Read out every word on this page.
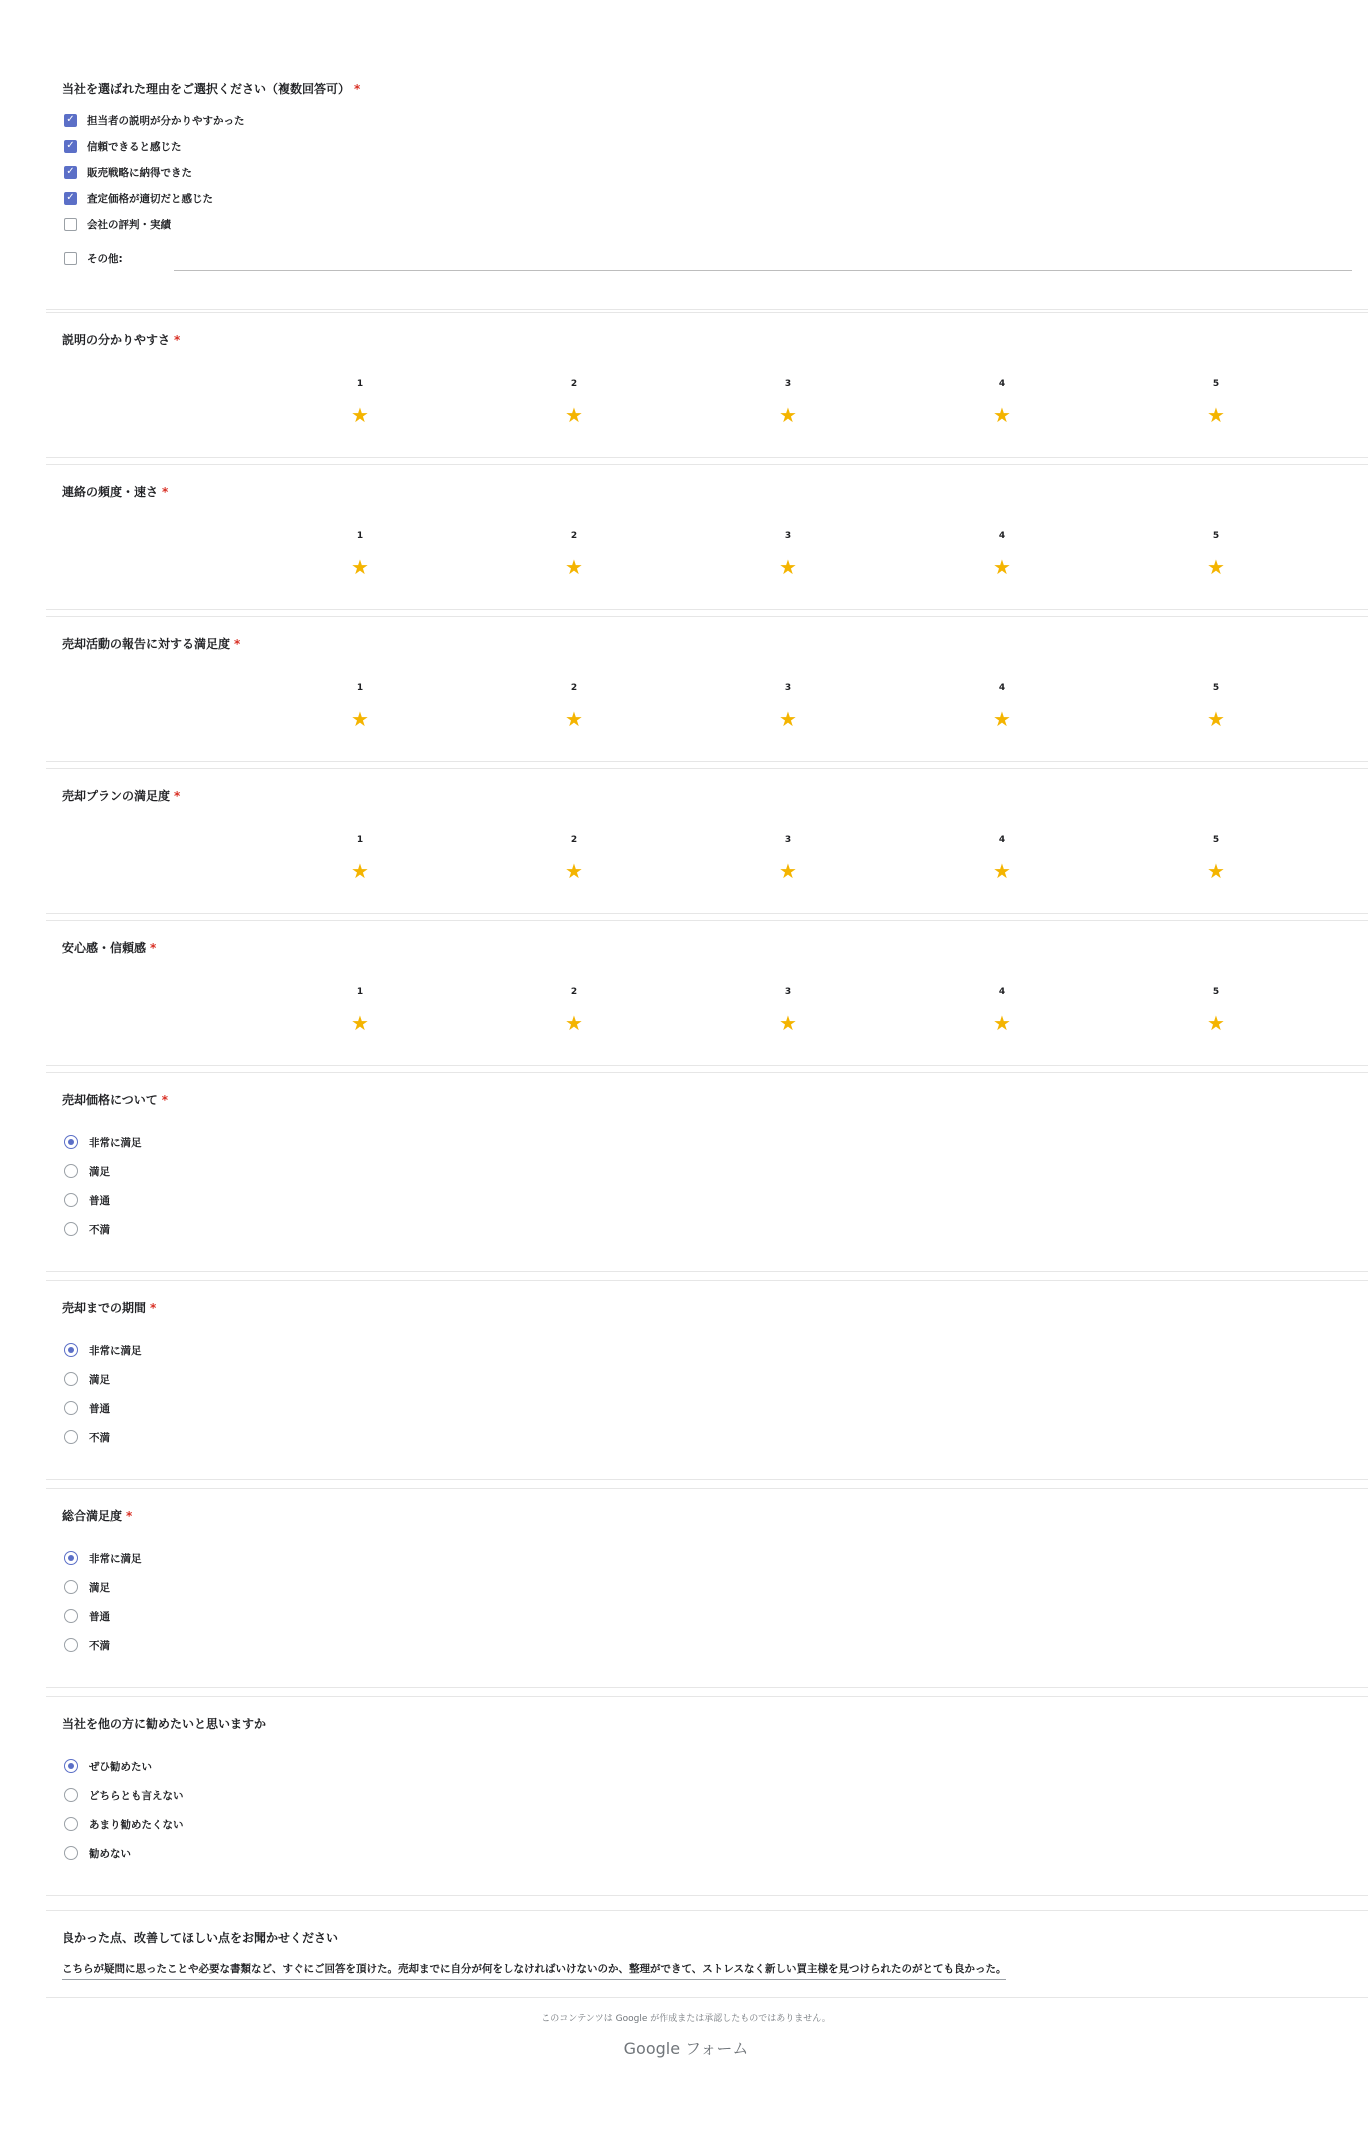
当社を選ばれた理由をご選択ください（複数回答可） *
✓ 担当者の説明が分かりやすかった
✓ 信頼できると感じた
✓ 販売戦略に納得できた
✓ 査定価格が適切だと感じた
会社の評判・実績
その他:
説明の分かりやすさ *
1
★
2
★
3
★
4
★
5
★
連絡の頻度・速さ *
1
★
2
★
3
★
4
★
5
★
売却活動の報告に対する満足度 *
1
★
2
★
3
★
4
★
5
★
売却プランの満足度 *
1
★
2
★
3
★
4
★
5
★
安心感・信頼感 *
1
★
2
★
3
★
4
★
5
★
売却価格について *
非常に満足
満足
普通
不満
売却までの期間 *
非常に満足
満足
普通
不満
総合満足度 *
非常に満足
満足
普通
不満
当社を他の方に勧めたいと思いますか
ぜひ勧めたい
どちらとも言えない
あまり勧めたくない
勧めない
良かった点、改善してほしい点をお聞かせください
こちらが疑問に思ったことや必要な書類など、すぐにご回答を頂けた。売却までに自分が何をしなければいけないのか、整理ができて、ストレスなく新しい買主様を見つけられたのがとても良かった。
このコンテンツは Google が作成または承認したものではありません。
Google フォーム
